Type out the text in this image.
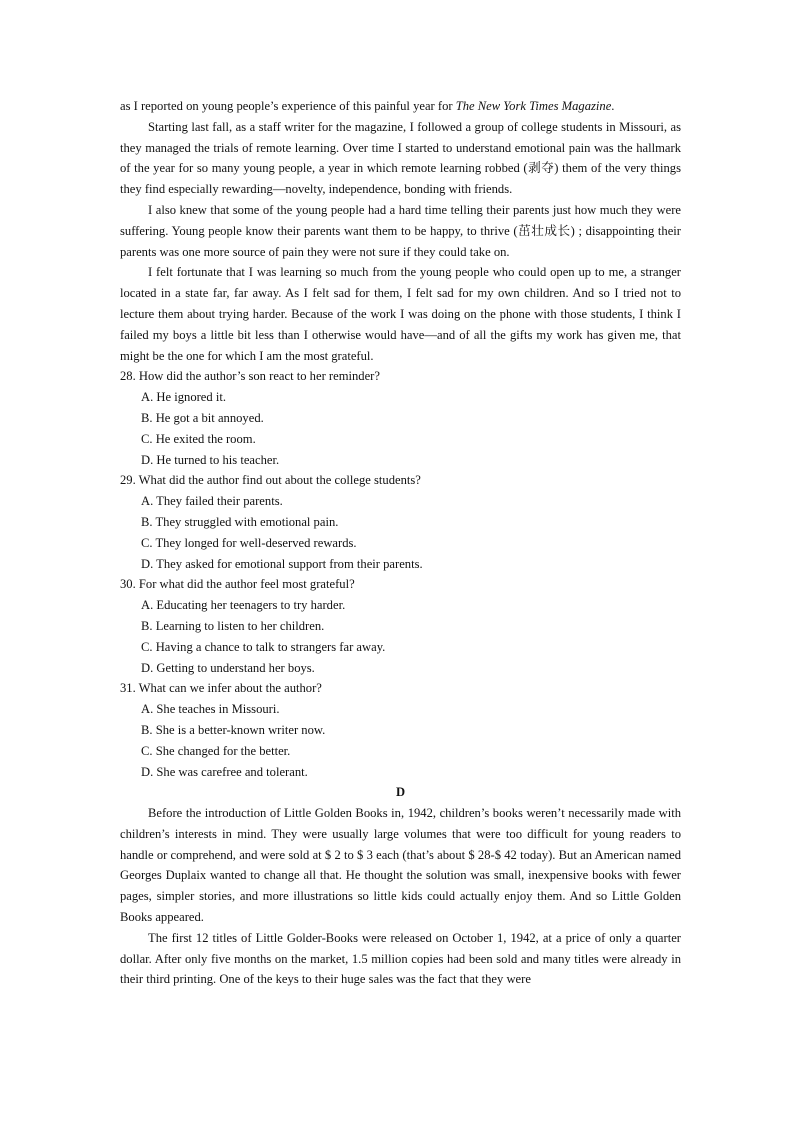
as I reported on young people’s experience of this painful year for The New York Times Magazine.

Starting last fall, as a staff writer for the magazine, I followed a group of college students in Missouri, as they managed the trials of remote learning. Over time I started to understand emotional pain was the hallmark of the year for so many young people, a year in which remote learning robbed (剥夺) them of the very things they find especially rewarding—novelty, independence, bonding with friends.

I also knew that some of the young people had a hard time telling their parents just how much they were suffering. Young people know their parents want them to be happy, to thrive (茁壮成长) ; disappointing their parents was one more source of pain they were not sure if they could take on.

I felt fortunate that I was learning so much from the young people who could open up to me, a stranger located in a state far, far away. As I felt sad for them, I felt sad for my own children. And so I tried not to lecture them about trying harder. Because of the work I was doing on the phone with those students, I think I failed my boys a little bit less than I otherwise would have—and of all the gifts my work has given me, that might be the one for which I am the most grateful.

28. How did the author’s son react to her reminder?

A. He ignored it.
B. He got a bit annoyed.
C. He exited the room.
D. He turned to his teacher.

29. What did the author find out about the college students?

A. They failed their parents.
B. They struggled with emotional pain.
C. They longed for well-deserved rewards.
D. They asked for emotional support from their parents.

30. For what did the author feel most grateful?

A. Educating her teenagers to try harder.
B. Learning to listen to her children.
C. Having a chance to talk to strangers far away.
D. Getting to understand her boys.

31. What can we infer about the author?

A. She teaches in Missouri.
B. She is a better-known writer now.
C. She changed for the better.
D. She was carefree and tolerant.

D

Before the introduction of Little Golden Books in, 1942, children’s books weren’t necessarily made with children’s interests in mind. They were usually large volumes that were too difficult for young readers to handle or comprehend, and were sold at $ 2 to $ 3 each (that’s about $ 28-$ 42 today). But an American named Georges Duplaix wanted to change all that. He thought the solution was small, inexpensive books with fewer pages, simpler stories, and more illustrations so little kids could actually enjoy them. And so Little Golden Books appeared.

The first 12 titles of Little Golder-Books were released on October 1, 1942, at a price of only a quarter dollar. After only five months on the market, 1.5 million copies had been sold and many titles were already in their third printing. One of the keys to their huge sales was the fact that they were
